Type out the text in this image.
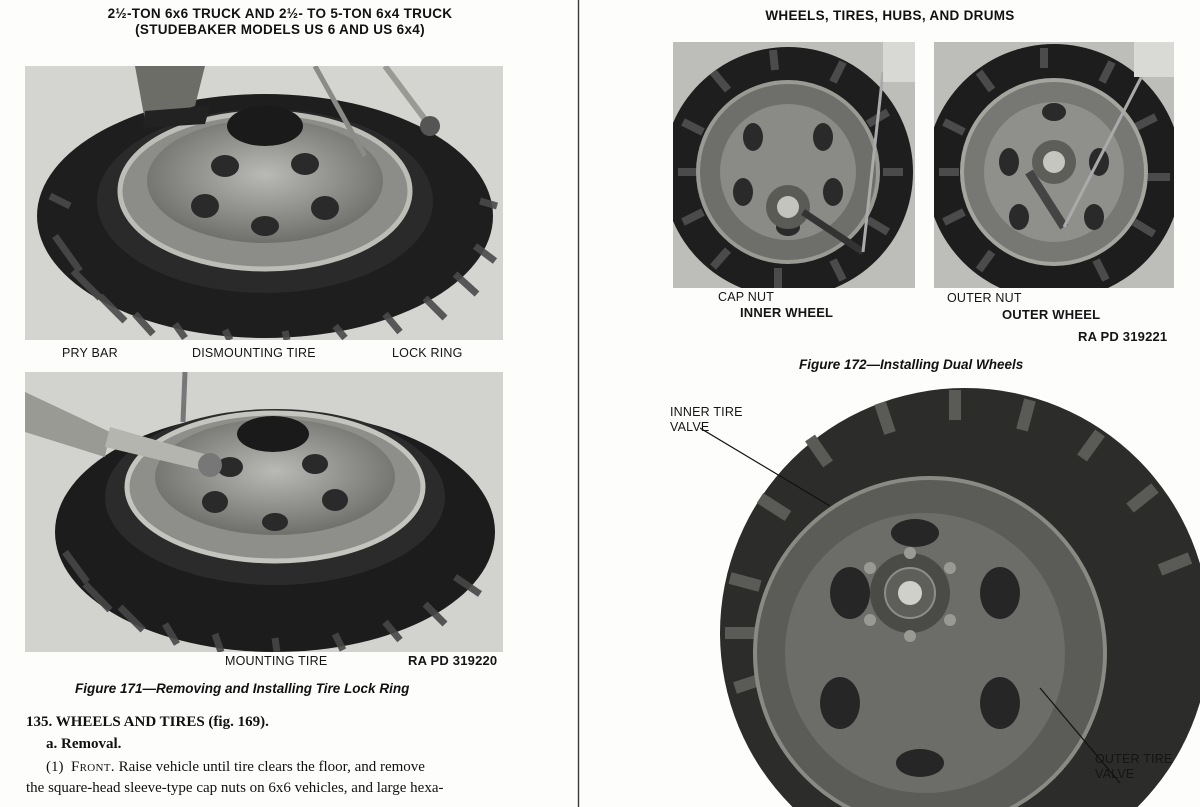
2½-TON 6x6 TRUCK AND 2½- TO 5-TON 6x4 TRUCK
(STUDEBAKER MODELS US 6 AND US 6x4)
PRY BAR	DISMOUNTING TIRE	LOCK RING
MOUNTING TIRE	RA PD 319220
Figure 171—Removing and Installing Tire Lock Ring
135. WHEELS AND TIRES (fig. 169).
a. Removal.
(1) Front. Raise vehicle until tire clears the floor, and remove
the square-head sleeve-type cap nuts on 6x6 vehicles, and large hexa-
WHEELS, TIRES, HUBS, AND DRUMS
CAP NUT
INNER WHEEL
OUTER NUT
OUTER WHEEL
RA PD 319221
Figure 172—Installing Dual Wheels
INNER TIRE
VALVE
OUTER TIRE
VALVE
